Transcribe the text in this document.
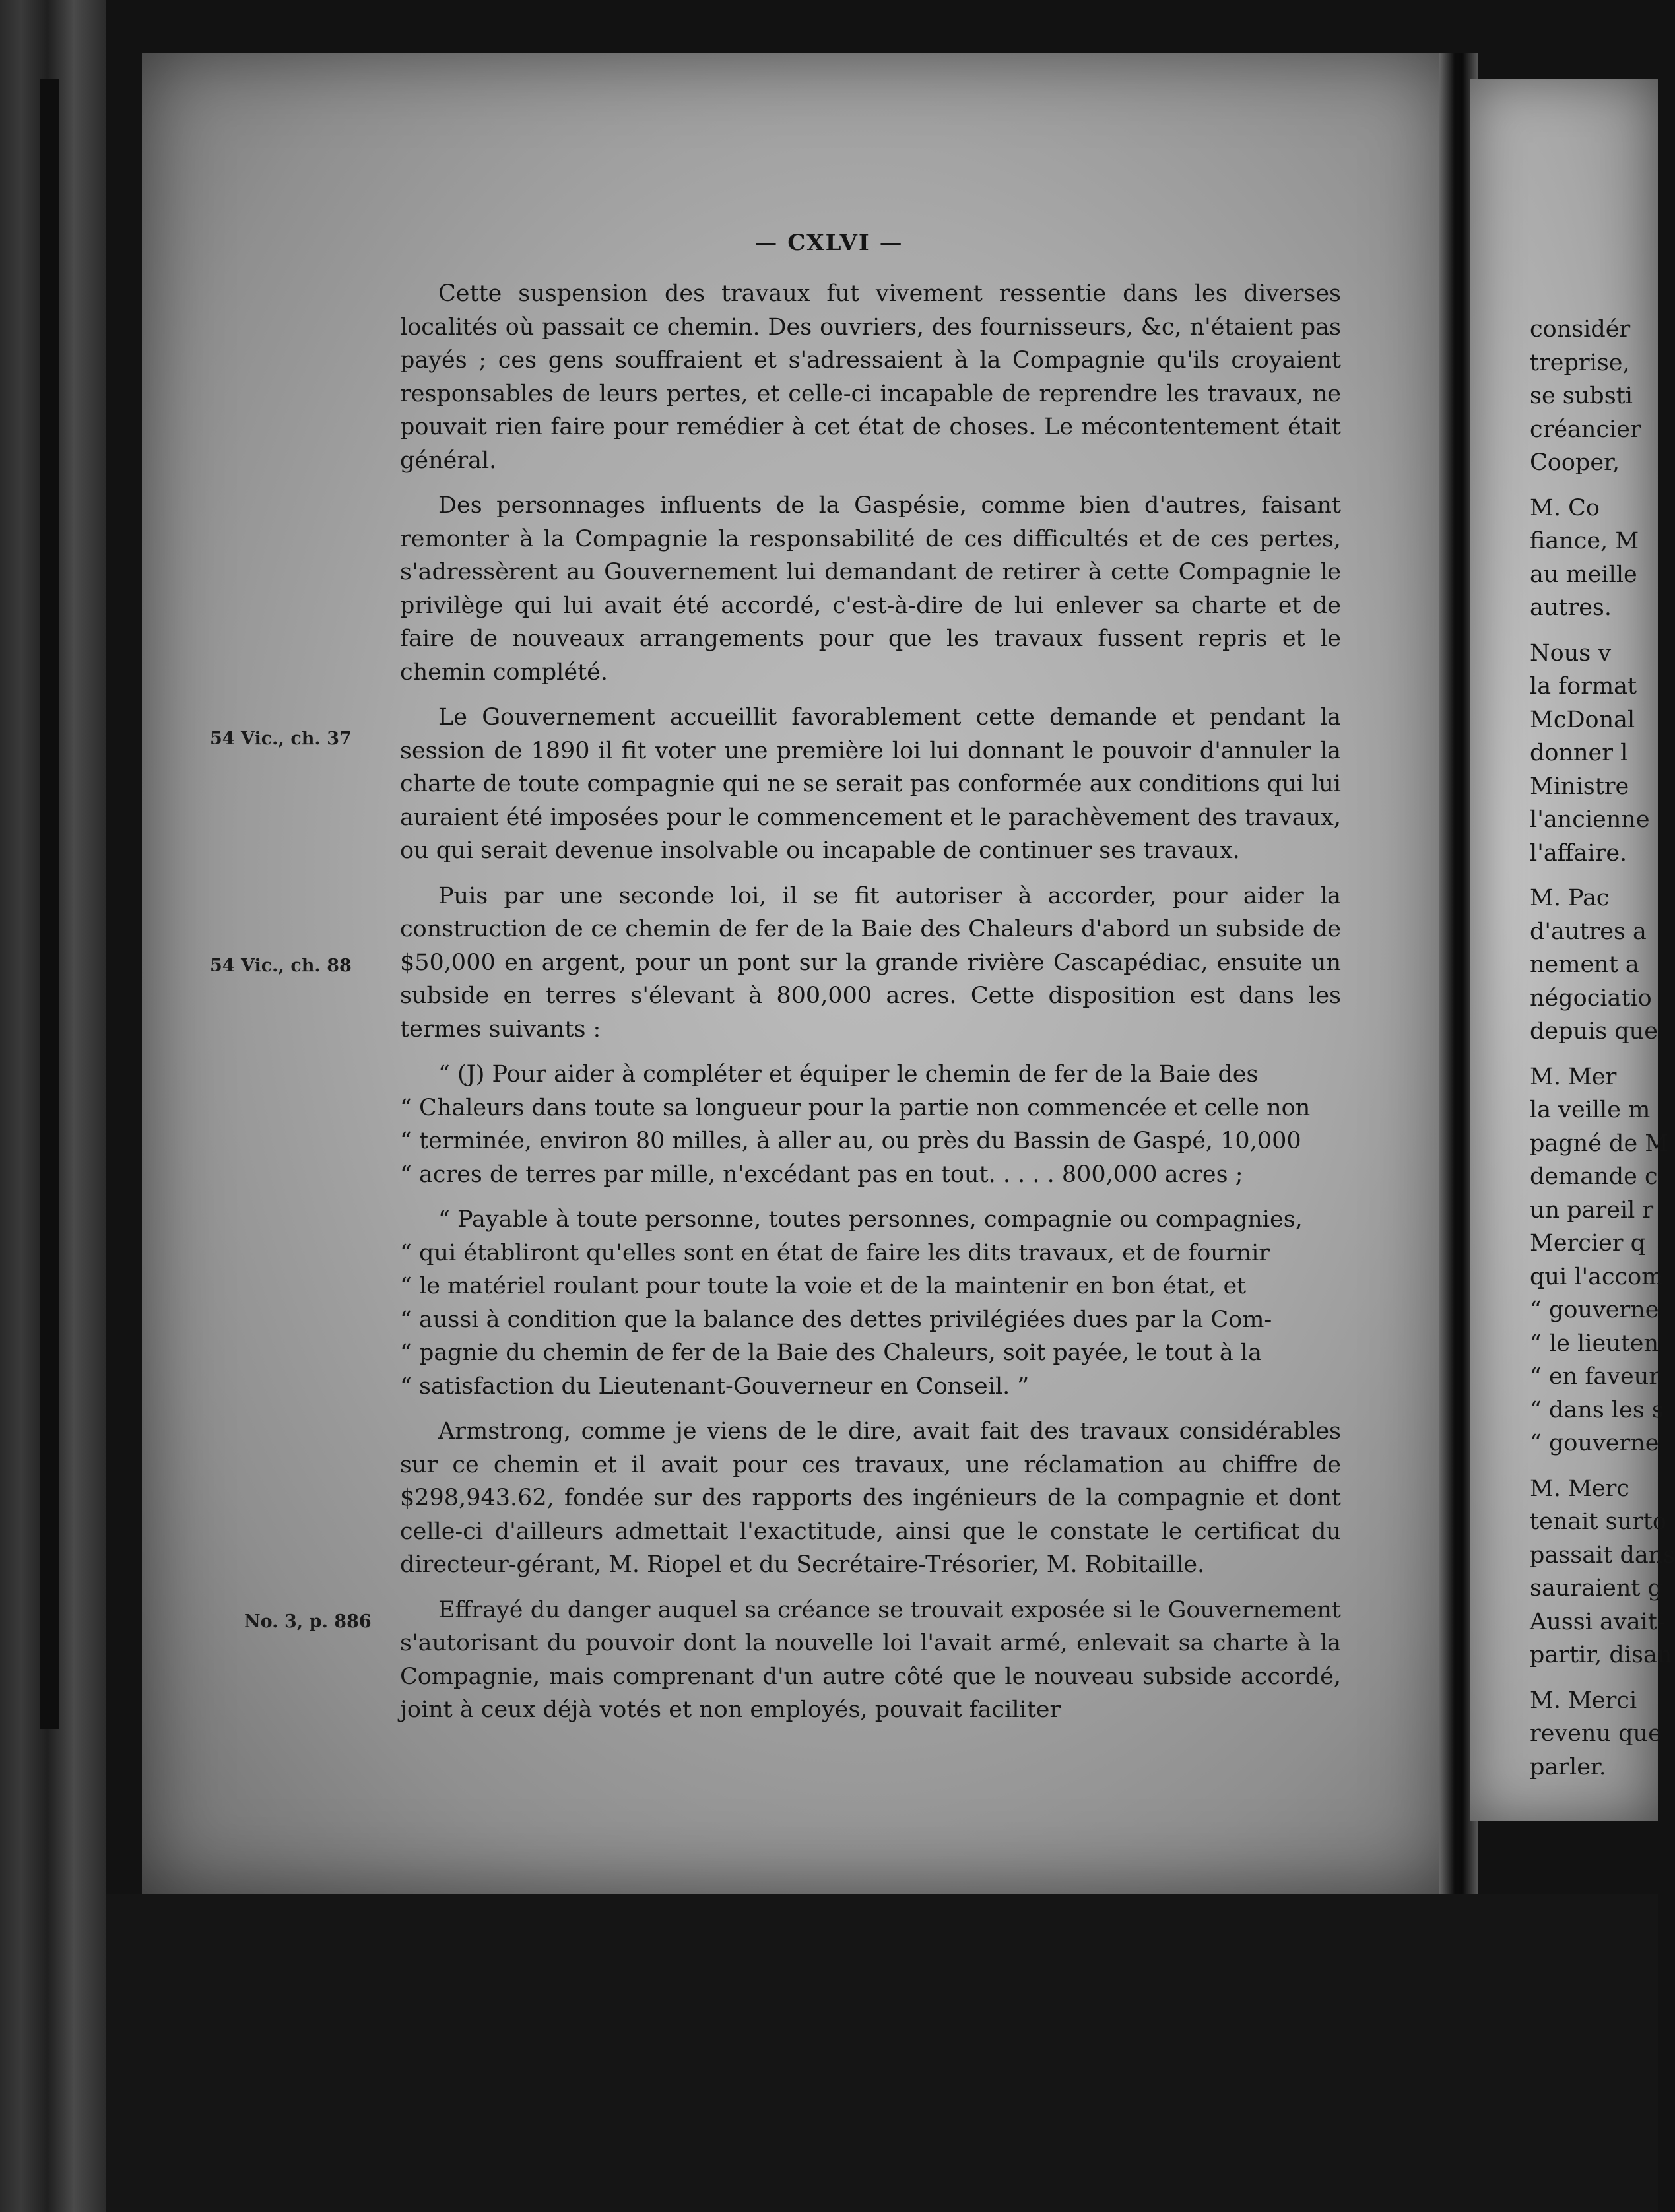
— CXLVI —
54 Vic., ch. 37
54 Vic., ch. 88
No. 3, p. 886

Cette suspension des travaux fut vivement ressentie dans les diverses localités où passait ce chemin. Des ouvriers, des fournisseurs, &c, n'étaient pas payés ; ces gens souffraient et s'adressaient à la Compagnie qu'ils croyaient responsables de leurs pertes, et celle-ci incapable de reprendre les travaux, ne pouvait rien faire pour remédier à cet état de choses. Le mécontentement était général.

Des personnages influents de la Gaspésie, comme bien d'autres, faisant remonter à la Compagnie la responsabilité de ces difficultés et de ces pertes, s'adressèrent au Gouvernement lui demandant de retirer à cette Compagnie le privilège qui lui avait été accordé, c'est-à-dire de lui enlever sa charte et de faire de nouveaux arrangements pour que les travaux fussent repris et le chemin complété.

Le Gouvernement accueillit favorablement cette demande et pendant la session de 1890 il fit voter une première loi lui donnant le pouvoir d'annuler la charte de toute compagnie qui ne se serait pas conformée aux conditions qui lui auraient été imposées pour le commencement et le parachèvement des travaux, ou qui serait devenue insolvable ou incapable de continuer ses travaux.

Puis par une seconde loi, il se fit autoriser à accorder, pour aider la construction de ce chemin de fer de la Baie des Chaleurs d'abord un subside de $50,000 en argent, pour un pont sur la grande rivière Cascapédiac, ensuite un subside en terres s'élevant à 800,000 acres. Cette disposition est dans les termes suivants :

“ (J) Pour aider à compléter et équiper le chemin de fer de la Baie des
“ Chaleurs dans toute sa longueur pour la partie non commencée et celle non
“ terminée, environ 80 milles, à aller au, ou près du Bassin de Gaspé, 10,000
“ acres de terres par mille, n'excédant pas en tout. . . . . 800,000 acres ;
“ Payable à toute personne, toutes personnes, compagnie ou compagnies,
“ qui établiront qu'elles sont en état de faire les dits travaux, et de fournir
“ le matériel roulant pour toute la voie et de la maintenir en bon état, et
“ aussi à condition que la balance des dettes privilégiées dues par la Com-
“ pagnie du chemin de fer de la Baie des Chaleurs, soit payée, le tout à la
“ satisfaction du Lieutenant-Gouverneur en Conseil. ”

Armstrong, comme je viens de le dire, avait fait des travaux considérables sur ce chemin et il avait pour ces travaux, une réclamation au chiffre de $298,943.62, fondée sur des rapports des ingénieurs de la compagnie et dont celle-ci d'ailleurs admettait l'exactitude, ainsi que le constate le certificat du directeur-gérant, M. Riopel et du Secrétaire-Trésorier, M. Robitaille.

Effrayé du danger auquel sa créance se trouvait exposée si le Gouvernement s'autorisant du pouvoir dont la nouvelle loi l'avait armé, enlevait sa charte à la Compagnie, mais comprenant d'un autre côté que le nouveau subside accordé, joint à ceux déjà votés et non employés, pouvait faciliter

considér
treprise,
se substi
créancier
Cooper,
M. Co
fiance, M
au meille
autres.
Nous v
la format
McDonal
donner l
Ministre
l'ancienne
l'affaire.
M. Pac
d'autres a
nement a
négociatio
depuis que
M. Mer
la veille m
pagné de M
demande c
un pareil r
Mercier q
qui l'accom
“ gouverne
“ le lieuten
“ en faveur
“ dans les s
“ gouverne
M. Merc
tenait surto
passait dans
sauraient g
Aussi avait-
partir, disan
M. Merci
revenu que
parler.
